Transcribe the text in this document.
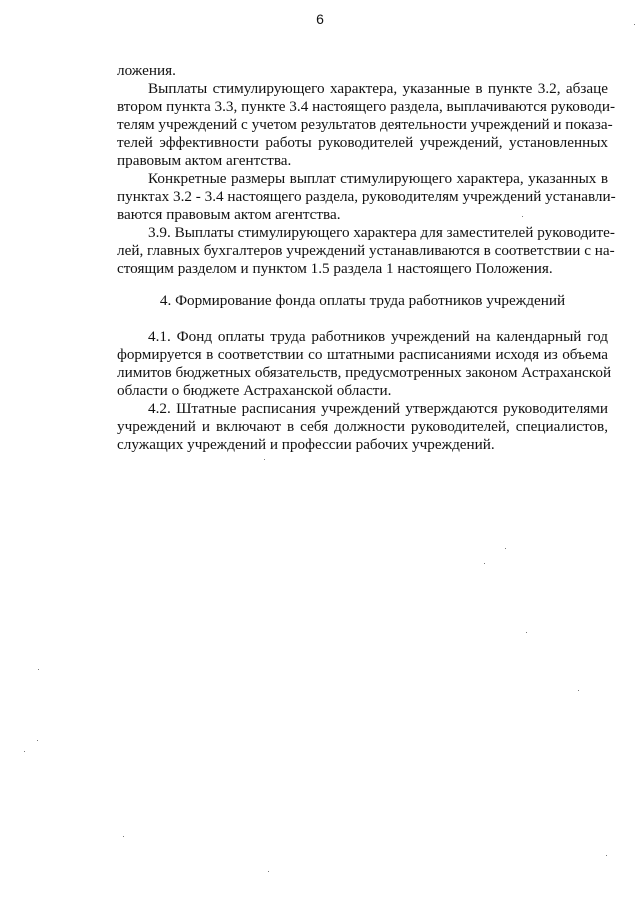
6
ложения.
Выплаты стимулирующего характера, указанные в пункте 3.2, абзаце
втором пункта 3.3, пункте 3.4 настоящего раздела, выплачиваются руководи-
телям учреждений с учетом результатов деятельности учреждений и показа-
телей эффективности работы руководителей учреждений, установленных
правовым актом агентства.
Конкретные размеры выплат стимулирующего характера, указанных в
пунктах 3.2 - 3.4 настоящего раздела, руководителям учреждений устанавли-
ваются правовым актом агентства.
3.9. Выплаты стимулирующего характера для заместителей руководите-
лей, главных бухгалтеров учреждений устанавливаются в соответствии с на-
стоящим разделом и пунктом 1.5 раздела 1 настоящего Положения.
4. Формирование фонда оплаты труда работников учреждений
4.1. Фонд оплаты труда работников учреждений на календарный год
формируется в соответствии со штатными расписаниями исходя из объема
лимитов бюджетных обязательств, предусмотренных законом Астраханской
области о бюджете Астраханской области.
4.2. Штатные расписания учреждений утверждаются руководителями
учреждений и включают в себя должности руководителей, специалистов,
служащих учреждений и профессии рабочих учреждений.
